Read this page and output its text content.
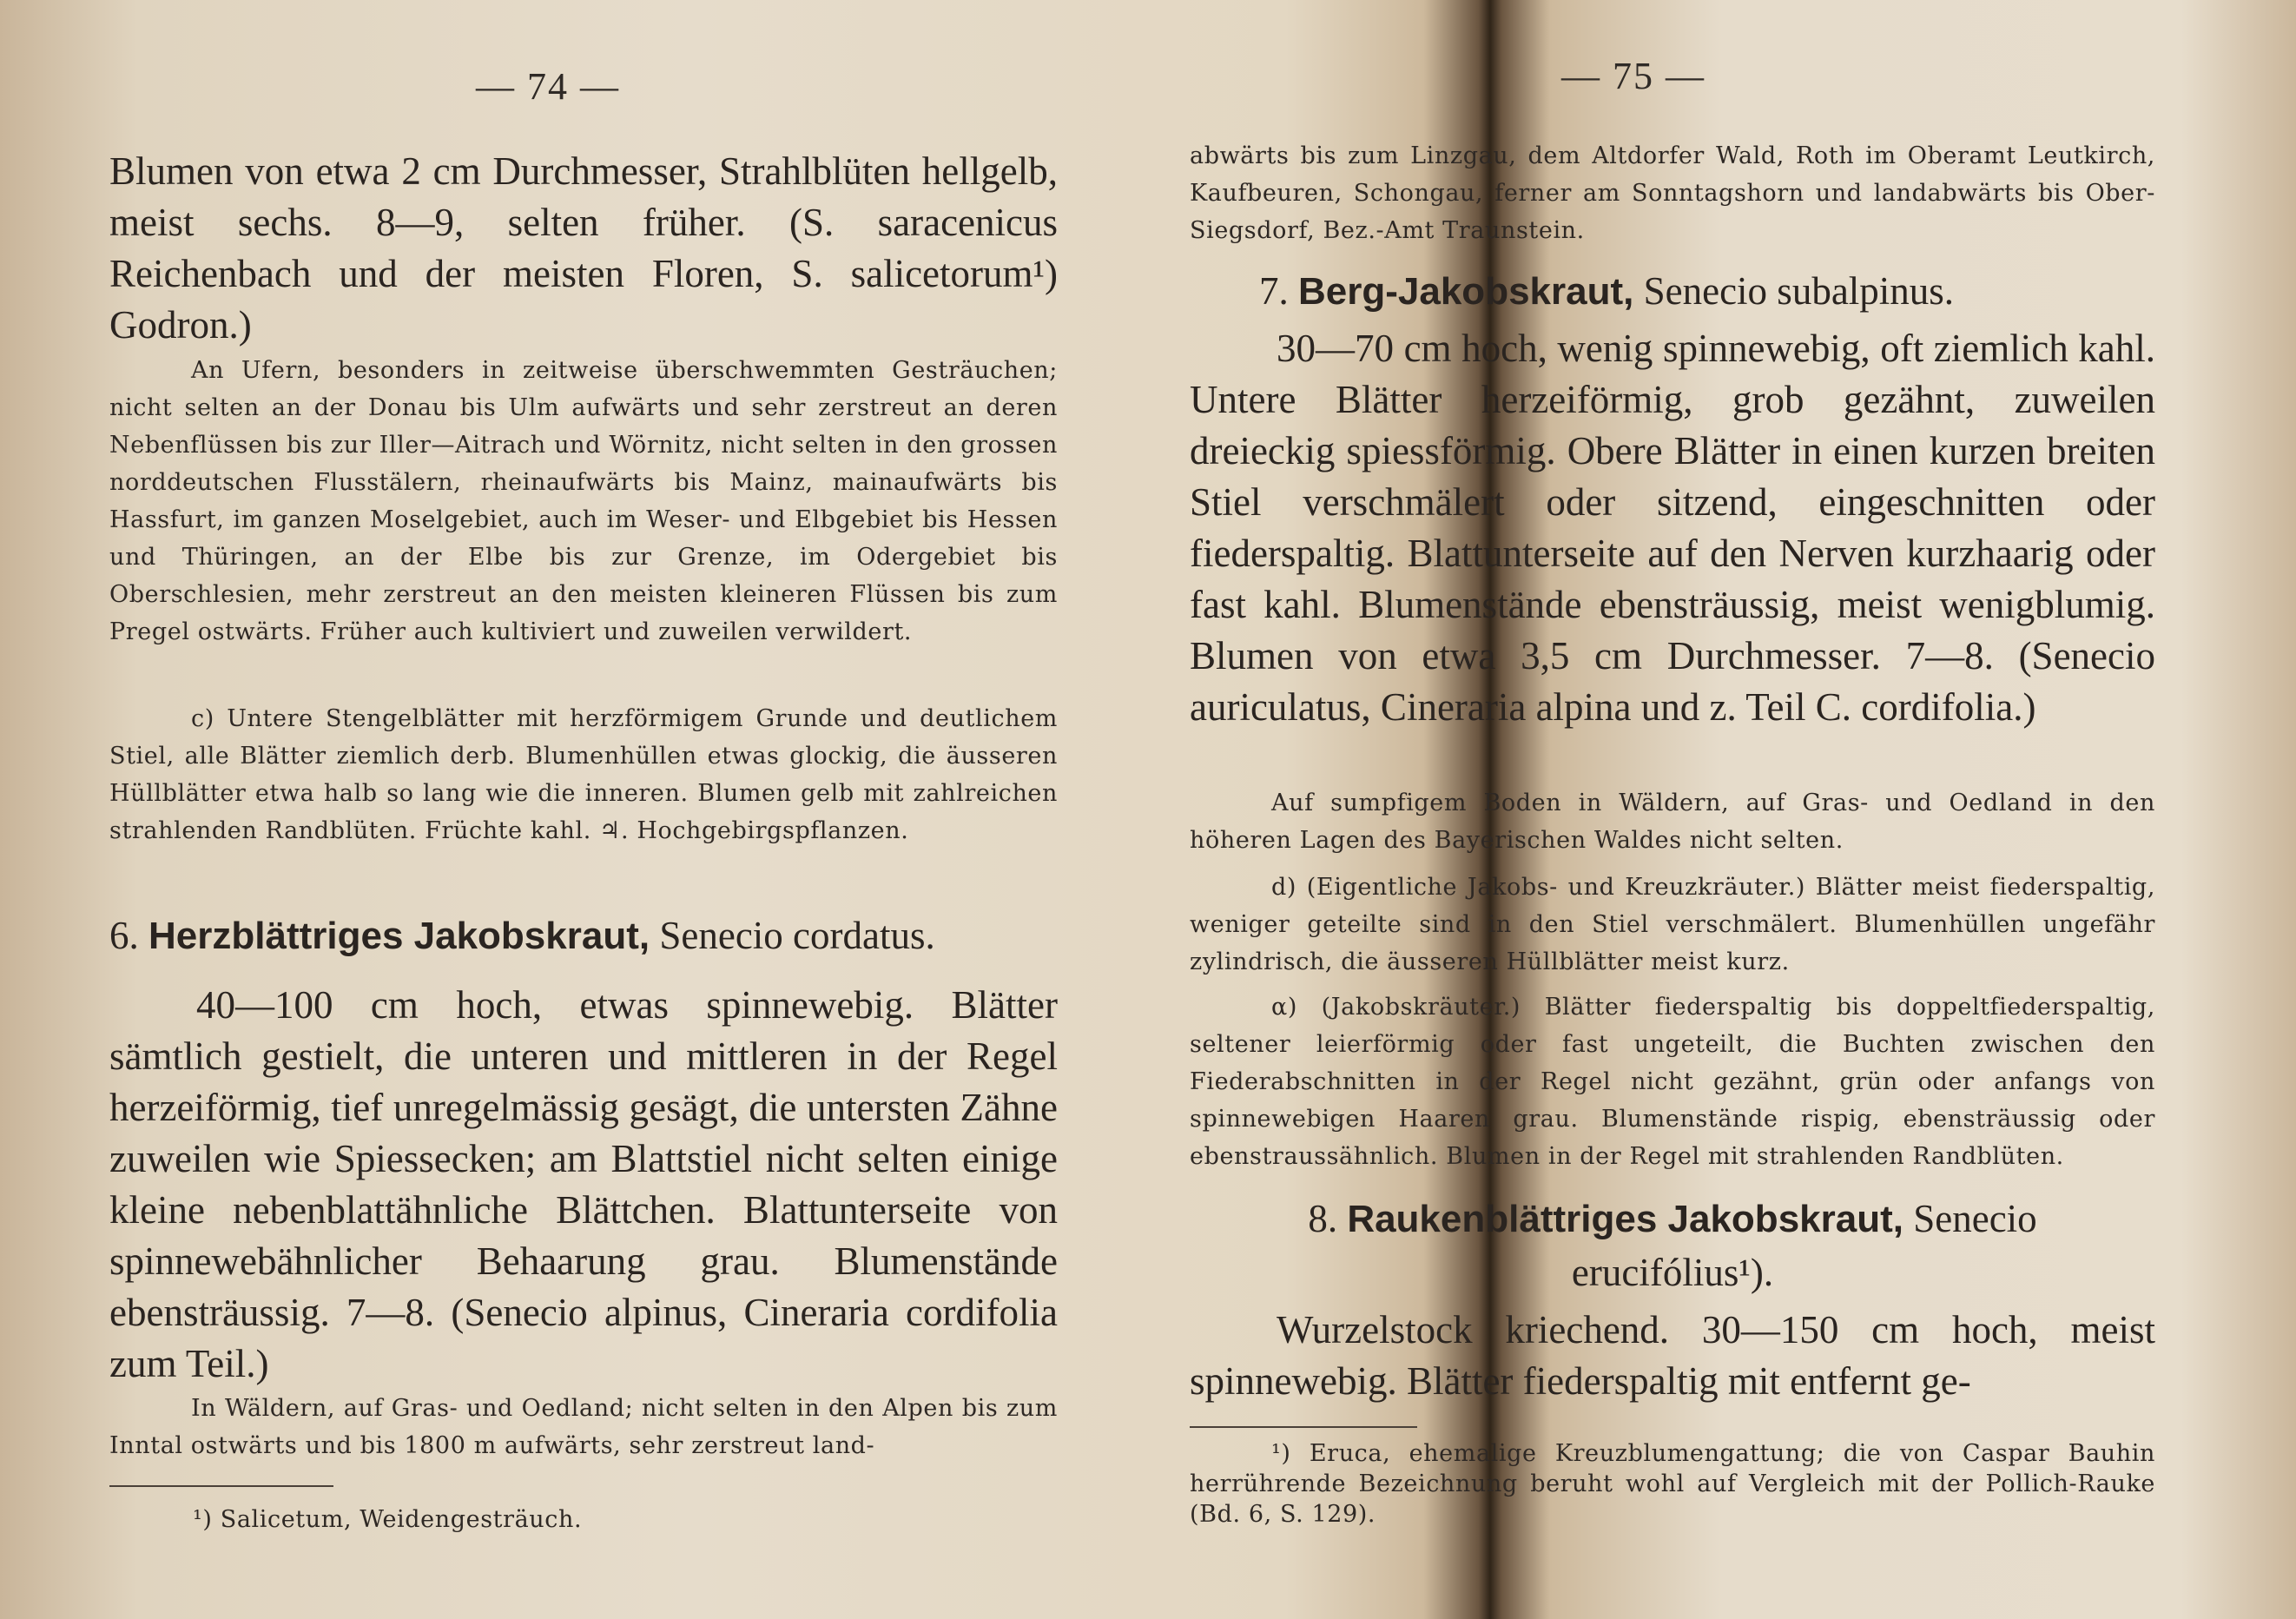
— 74 —
Blumen von etwa 2 cm Durchmesser, Strahlblüten hellgelb, meist sechs. 8—9, selten früher. (S. saracenicus Reichenbach und der meisten Floren, S. salicetorum¹) Godron.)
An Ufern, besonders in zeitweise überschwemmten Gesträuchen; nicht selten an der Donau bis Ulm aufwärts und sehr zerstreut an deren Nebenflüssen bis zur Iller—Aitrach und Wörnitz, nicht selten in den grossen norddeutschen Flusstälern, rheinaufwärts bis Mainz, mainaufwärts bis Hassfurt, im ganzen Moselgebiet, auch im Weser- und Elbgebiet bis Hessen und Thüringen, an der Elbe bis zur Grenze, im Odergebiet bis Oberschlesien, mehr zerstreut an den meisten kleineren Flüssen bis zum Pregel ostwärts. Früher auch kultiviert und zuweilen verwildert.
c) Untere Stengelblätter mit herzförmigem Grunde und deutlichem Stiel, alle Blätter ziemlich derb. Blumenhüllen etwas glockig, die äusseren Hüllblätter etwa halb so lang wie die inneren. Blumen gelb mit zahlreichen strahlenden Randblüten. Früchte kahl. ♃. Hochgebirgspflanzen.
6. Herzblättriges Jakobskraut, Senecio cordatus.
40—100 cm hoch, etwas spinnewebig. Blätter sämtlich gestielt, die unteren und mittleren in der Regel herzeiförmig, tief unregelmässig gesägt, die untersten Zähne zuweilen wie Spiessecken; am Blattstiel nicht selten einige kleine nebenblattähnliche Blättchen. Blattunterseite von spinnewebähnlicher Behaarung grau. Blumenstände ebensträussig. 7—8. (Senecio alpinus, Cineraria cordifolia zum Teil.)
In Wäldern, auf Gras- und Oedland; nicht selten in den Alpen bis zum Inntal ostwärts und bis 1800 m aufwärts, sehr zerstreut land-
¹) Salicetum, Weidengesträuch.
— 75 —
abwärts bis zum Linzgau, dem Altdorfer Wald, Roth im Oberamt Leutkirch, Kaufbeuren, Schongau, ferner am Sonntagshorn und landabwärts bis Ober-Siegsdorf, Bez.-Amt Traunstein.
7. Berg-Jakobskraut, Senecio subalpinus.
30—70 cm hoch, wenig spinnewebig, oft ziemlich kahl. Untere Blätter herzeiförmig, grob gezähnt, zuweilen dreieckig spiessförmig. Obere Blätter in einen kurzen breiten Stiel verschmälert oder sitzend, eingeschnitten oder fiederspaltig. Blattunterseite auf den Nerven kurzhaarig oder fast kahl. Blumenstände ebensträussig, meist wenigblumig. Blumen von etwa 3,5 cm Durchmesser. 7—8. (Senecio auriculatus, Cineraria alpina und z. Teil C. cordifolia.)
Auf sumpfigem Boden in Wäldern, auf Gras- und Oedland in den höheren Lagen des Bayerischen Waldes nicht selten.
d) (Eigentliche Jakobs- und Kreuzkräuter.) Blätter meist fiederspaltig, weniger geteilte sind in den Stiel verschmälert. Blumenhüllen ungefähr zylindrisch, die äusseren Hüllblätter meist kurz.
α) (Jakobskräuter.) Blätter fiederspaltig bis doppeltfiederspaltig, seltener leierförmig oder fast ungeteilt, die Buchten zwischen den Fiederabschnitten in der Regel nicht gezähnt, grün oder anfangs von spinnewebigen Haaren grau. Blumenstände rispig, ebensträussig oder ebenstraussähnlich. Blumen in der Regel mit strahlenden Randblüten.
8. Raukenblättriges Jakobskraut, Senecio
erucifólius¹).
Wurzelstock kriechend. 30—150 cm hoch, meist spinnewebig. Blätter fiederspaltig mit entfernt ge-
¹) Eruca, ehemalige Kreuzblumengattung; die von Caspar Bauhin herrührende Bezeichnung beruht wohl auf Vergleich mit der Pollich-Rauke (Bd. 6, S. 129).
